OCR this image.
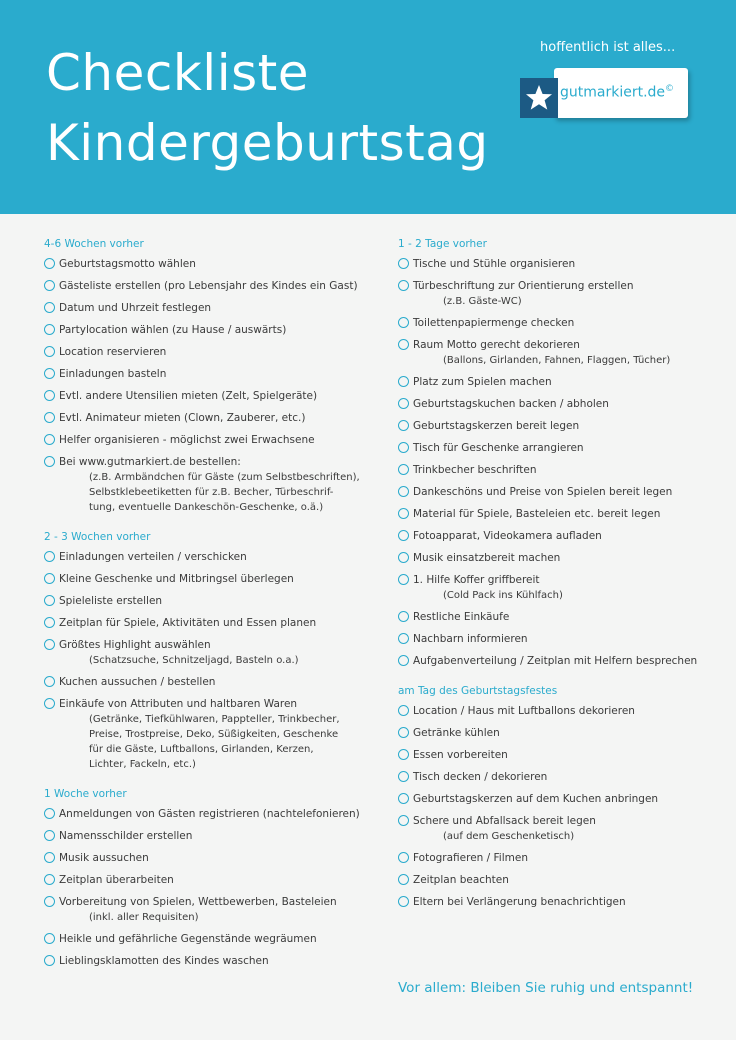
Checkliste
Kindergeburtstag
hoffentlich ist alles...
gutmarkiert.de©
4-6 Wochen vorher
Geburtstagsmotto wählen
Gästeliste erstellen (pro Lebensjahr des Kindes ein Gast)
Datum und Uhrzeit festlegen
Partylocation wählen (zu Hause / auswärts)
Location reservieren
Einladungen basteln
Evtl. andere Utensilien mieten (Zelt, Spielgeräte)
Evtl. Animateur mieten (Clown, Zauberer, etc.)
Helfer organisieren - möglichst zwei Erwachsene
Bei www.gutmarkiert.de bestellen:
(z.B. Armbändchen für Gäste (zum Selbstbeschriften),
Selbstklebeetiketten für z.B. Becher, Türbeschrif-
tung, eventuelle Dankeschön-Geschenke, o.ä.)
2 - 3 Wochen vorher
Einladungen verteilen / verschicken
Kleine Geschenke und Mitbringsel überlegen
Spieleliste erstellen
Zeitplan für Spiele, Aktivitäten und Essen planen
Größtes Highlight auswählen
(Schatzsuche, Schnitzeljagd, Basteln o.a.)
Kuchen aussuchen / bestellen
Einkäufe von Attributen und haltbaren Waren
(Getränke, Tiefkühlwaren, Pappteller, Trinkbecher,
Preise, Trostpreise, Deko, Süßigkeiten, Geschenke
für die Gäste, Luftballons, Girlanden, Kerzen,
Lichter, Fackeln, etc.)
1 Woche vorher
Anmeldungen von Gästen registrieren (nachtelefonieren)
Namensschilder erstellen
Musik aussuchen
Zeitplan überarbeiten
Vorbereitung von Spielen, Wettbewerben, Basteleien
(inkl. aller Requisiten)
Heikle und gefährliche Gegenstände wegräumen
Lieblingsklamotten des Kindes waschen
1 - 2 Tage vorher
Tische und Stühle organisieren
Türbeschriftung zur Orientierung erstellen
(z.B. Gäste-WC)
Toilettenpapiermenge checken
Raum Motto gerecht dekorieren
(Ballons, Girlanden, Fahnen, Flaggen, Tücher)
Platz zum Spielen machen
Geburtstagskuchen backen / abholen
Geburtstagskerzen bereit legen
Tisch für Geschenke arrangieren
Trinkbecher beschriften
Dankeschöns und Preise von Spielen bereit legen
Material für Spiele, Basteleien etc. bereit legen
Fotoapparat, Videokamera aufladen
Musik einsatzbereit machen
1. Hilfe Koffer griffbereit
(Cold Pack ins Kühlfach)
Restliche Einkäufe
Nachbarn informieren
Aufgabenverteilung / Zeitplan mit Helfern besprechen
am Tag des Geburtstagsfestes
Location / Haus mit Luftballons dekorieren
Getränke kühlen
Essen vorbereiten
Tisch decken / dekorieren
Geburtstagskerzen auf dem Kuchen anbringen
Schere und Abfallsack bereit legen
(auf dem Geschenketisch)
Fotografieren / Filmen
Zeitplan beachten
Eltern bei Verlängerung benachrichtigen
Vor allem: Bleiben Sie ruhig und entspannt!
